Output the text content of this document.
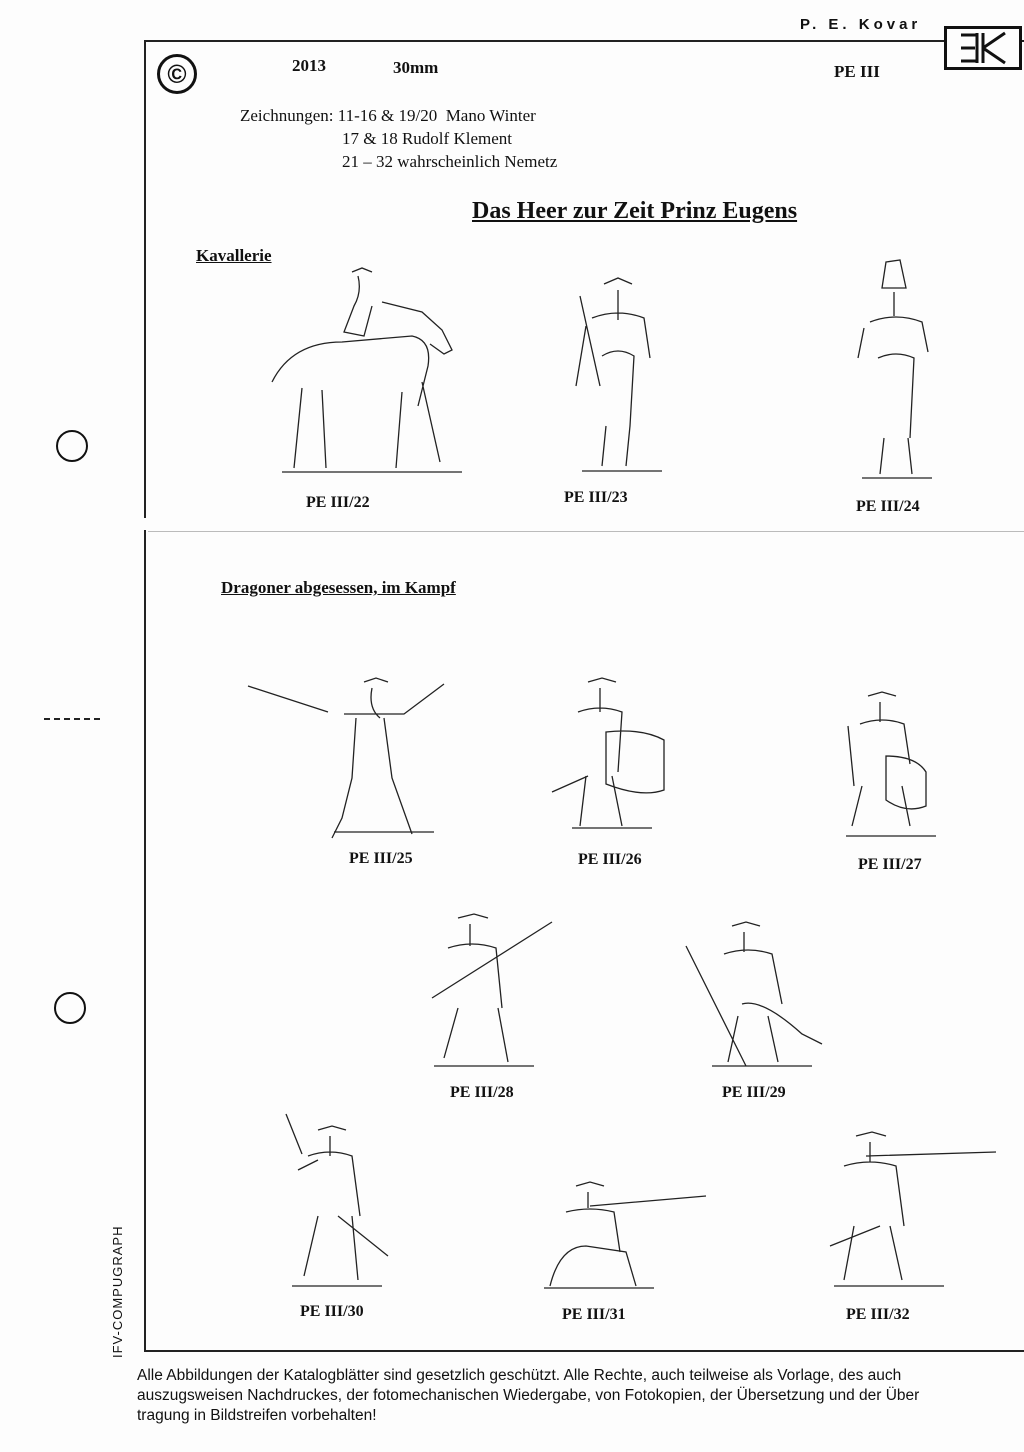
P. E. Kovar
©	2013	30mm	PE III
Zeichnungen: 11-16 & 19/20  Mano Winter
17 & 18 Rudolf Klement
21 – 32 wahrscheinlich Nemetz
Das Heer zur Zeit Prinz Eugens
Kavallerie
Dragoner abgesessen, im Kampf
PE III/22	PE III/23
PE III/24
PE III/25	PE III/26	PE III/27
PE III/28	PE III/29
PE III/30	PE III/31	PE III/32
IFV-COMPUGRAPH
Alle Abbildungen der Katalogblätter sind gesetzlich geschützt. Alle Rechte, auch teilweise als Vorlage, des auch
auszugsweisen Nachdruckes, der fotomechanischen Wiedergabe, von Fotokopien, der Übersetzung und der Über
tragung in Bildstreifen vorbehalten!
